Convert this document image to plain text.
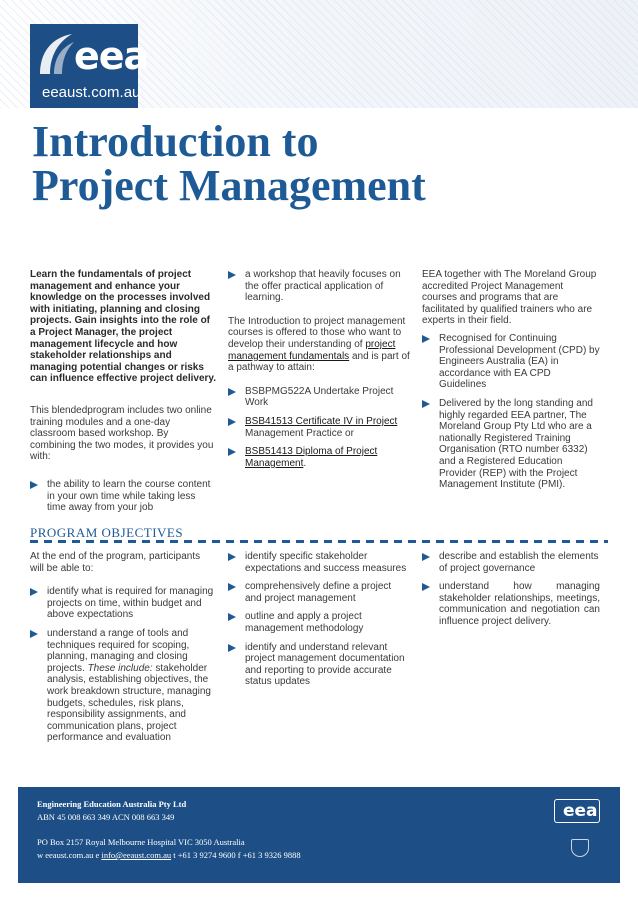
eea
eeaust.com.au
Introduction to
Project Management

Learn the fundamentals of project management and enhance your knowledge on the processes involved with initiating, planning and closing projects. Gain insights into the role of a Project Manager, the project management lifecycle and how stakeholder relationships and managing potential changes or risks can influence effective project delivery.

This blendedprogram includes two online training modules and a one-day classroom based workshop. By combining the two modes, it provides you with:

the ability to learn the course content in your own time while taking less time away from your job
a workshop that heavily focuses on the offer practical application of learning.

The Introduction to project management courses is offered to those who want to develop their understanding of project management fundamentals and is part of a pathway to attain:

BSBPMG522A Undertake Project Work
BSB41513 Certificate IV in Project
Management Practice or
BSB51413 Diploma of Project Management.

EEA together with The Moreland Group accredited Project Management courses and programs that are facilitated by qualified trainers who are experts in their field.

Recognised for Continuing Professional Development (CPD) by Engineers Australia (EA) in accordance with EA CPD Guidelines
Delivered by the long standing and highly regarded EEA partner, The Moreland Group Pty Ltd who are a nationally Registered Training Organisation (RTO number 6332) and a Registered Education Provider (REP) with the Project Management Institute (PMI).
PROGRAM OBJECTIVES

At the end of the program, participants will be able to:

identify what is required for managing projects on time, within budget and above expectations
understand a range of tools and techniques required for scoping, planning, managing and closing projects. These include: stakeholder analysis, establishing objectives, the work breakdown structure, managing budgets, schedules, risk plans, responsibility assignments, and communication plans, project performance and evaluation
identify specific stakeholder expectations and success measures
comprehensively define a project and project management
outline and apply a project management methodology
identify and understand relevant project management documentation and reporting to provide accurate status updates
describe and establish the elements of project governance
understand how managing stakeholder relationships, meetings, communication and negotiation can influence project delivery.
Engineering Education Australia Pty Ltd
ABN 45 008 663 349 ACN 008 663 349
PO Box 2157 Royal Melbourne Hospital VIC 3050 Australia
w eeaust.com.au e info@eeaust.com.au t +61 3 9274 9600 f +61 3 9326 9888
eea
